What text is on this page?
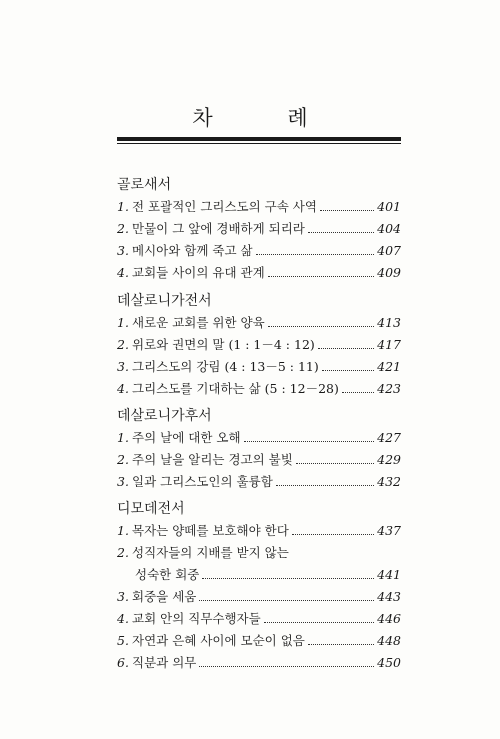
차 례
골로새서
1. 전 포괄적인 그리스도의 구속 사역	401
2. 만물이 그 앞에 경배하게 되리라	404
3. 메시아와 함께 죽고 삶	407
4. 교회들 사이의 유대 관계	409
데살로니가전서
1. 새로운 교회를 위한 양육	413
2. 위로와 권면의 말 (1 : 1－4 : 12)	417
3. 그리스도의 강림 (4 : 13－5 : 11)	421
4. 그리스도를 기대하는 삶 (5 : 12－28)	423
데살로니가후서
1. 주의 날에 대한 오해	427
2. 주의 날을 알리는 경고의 불빛	429
3. 일과 그리스도인의 훌륭함	432
디모데전서
1. 목자는 양떼를 보호해야 한다	437
2. 성직자들의 지배를 받지 않는
성숙한 회중	441
3. 회중을 세움	443
4. 교회 안의 직무수행자들	446
5. 자연과 은혜 사이에 모순이 없음	448
6. 직분과 의무	450
